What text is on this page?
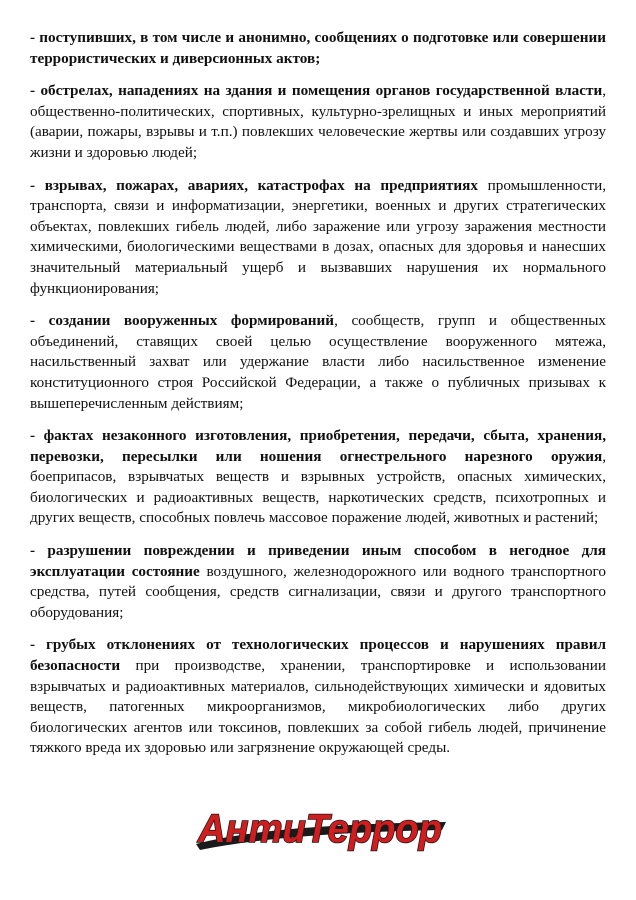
- поступивших, в том числе и анонимно, сообщениях о подготовке или совершении террористических и диверсионных актов;

- обстрелах, нападениях на здания и помещения органов государственной власти, общественно-политических, спортивных, культурно-зрелищных и иных мероприятий (аварии, пожары, взрывы и т.п.) повлекших человеческие жертвы или создавших угрозу жизни и здоровью людей;

- взрывах, пожарах, авариях, катастрофах на предприятиях промышленности, транспорта, связи и информатизации, энергетики, военных и других стратегических объектах, повлекших гибель людей, либо заражение или угрозу заражения местности химическими, биологическими веществами в дозах, опасных для здоровья и нанесших значительный материальный ущерб и вызвавших нарушения их нормального функционирования;

- создании вооруженных формирований, сообществ, групп и общественных объединений, ставящих своей целью осуществление вооруженного мятежа, насильственный захват или удержание власти либо насильственное изменение конституционного строя Российской Федерации, а также о публичных призывах к вышеперечисленным действиям;

- фактах незаконного изготовления, приобретения, передачи, сбыта, хранения, перевозки, пересылки или ношения огнестрельного нарезного оружия, боеприпасов, взрывчатых веществ и взрывных устройств, опасных химических, биологических и радиоактивных веществ, наркотических средств, психотропных и других веществ, способных повлечь массовое поражение людей, животных и растений;

- разрушении повреждении и приведении иным способом в негодное для эксплуатации состояние воздушного, железнодорожного или водного транспортного средства, путей сообщения, средств сигнализации, связи и другого транспортного оборудования;

- грубых отклонениях от технологических процессов и нарушениях правил безопасности при производстве, хранении, транспортировке и использовании взрывчатых и радиоактивных материалов, сильнодействующих химически и ядовитых веществ, патогенных микроорганизмов, микробиологических либо других биологических агентов или токсинов, повлекших за собой гибель людей, причинение тяжкого вреда их здоровью или загрязнение окружающей среды.

АнтиТеррор
